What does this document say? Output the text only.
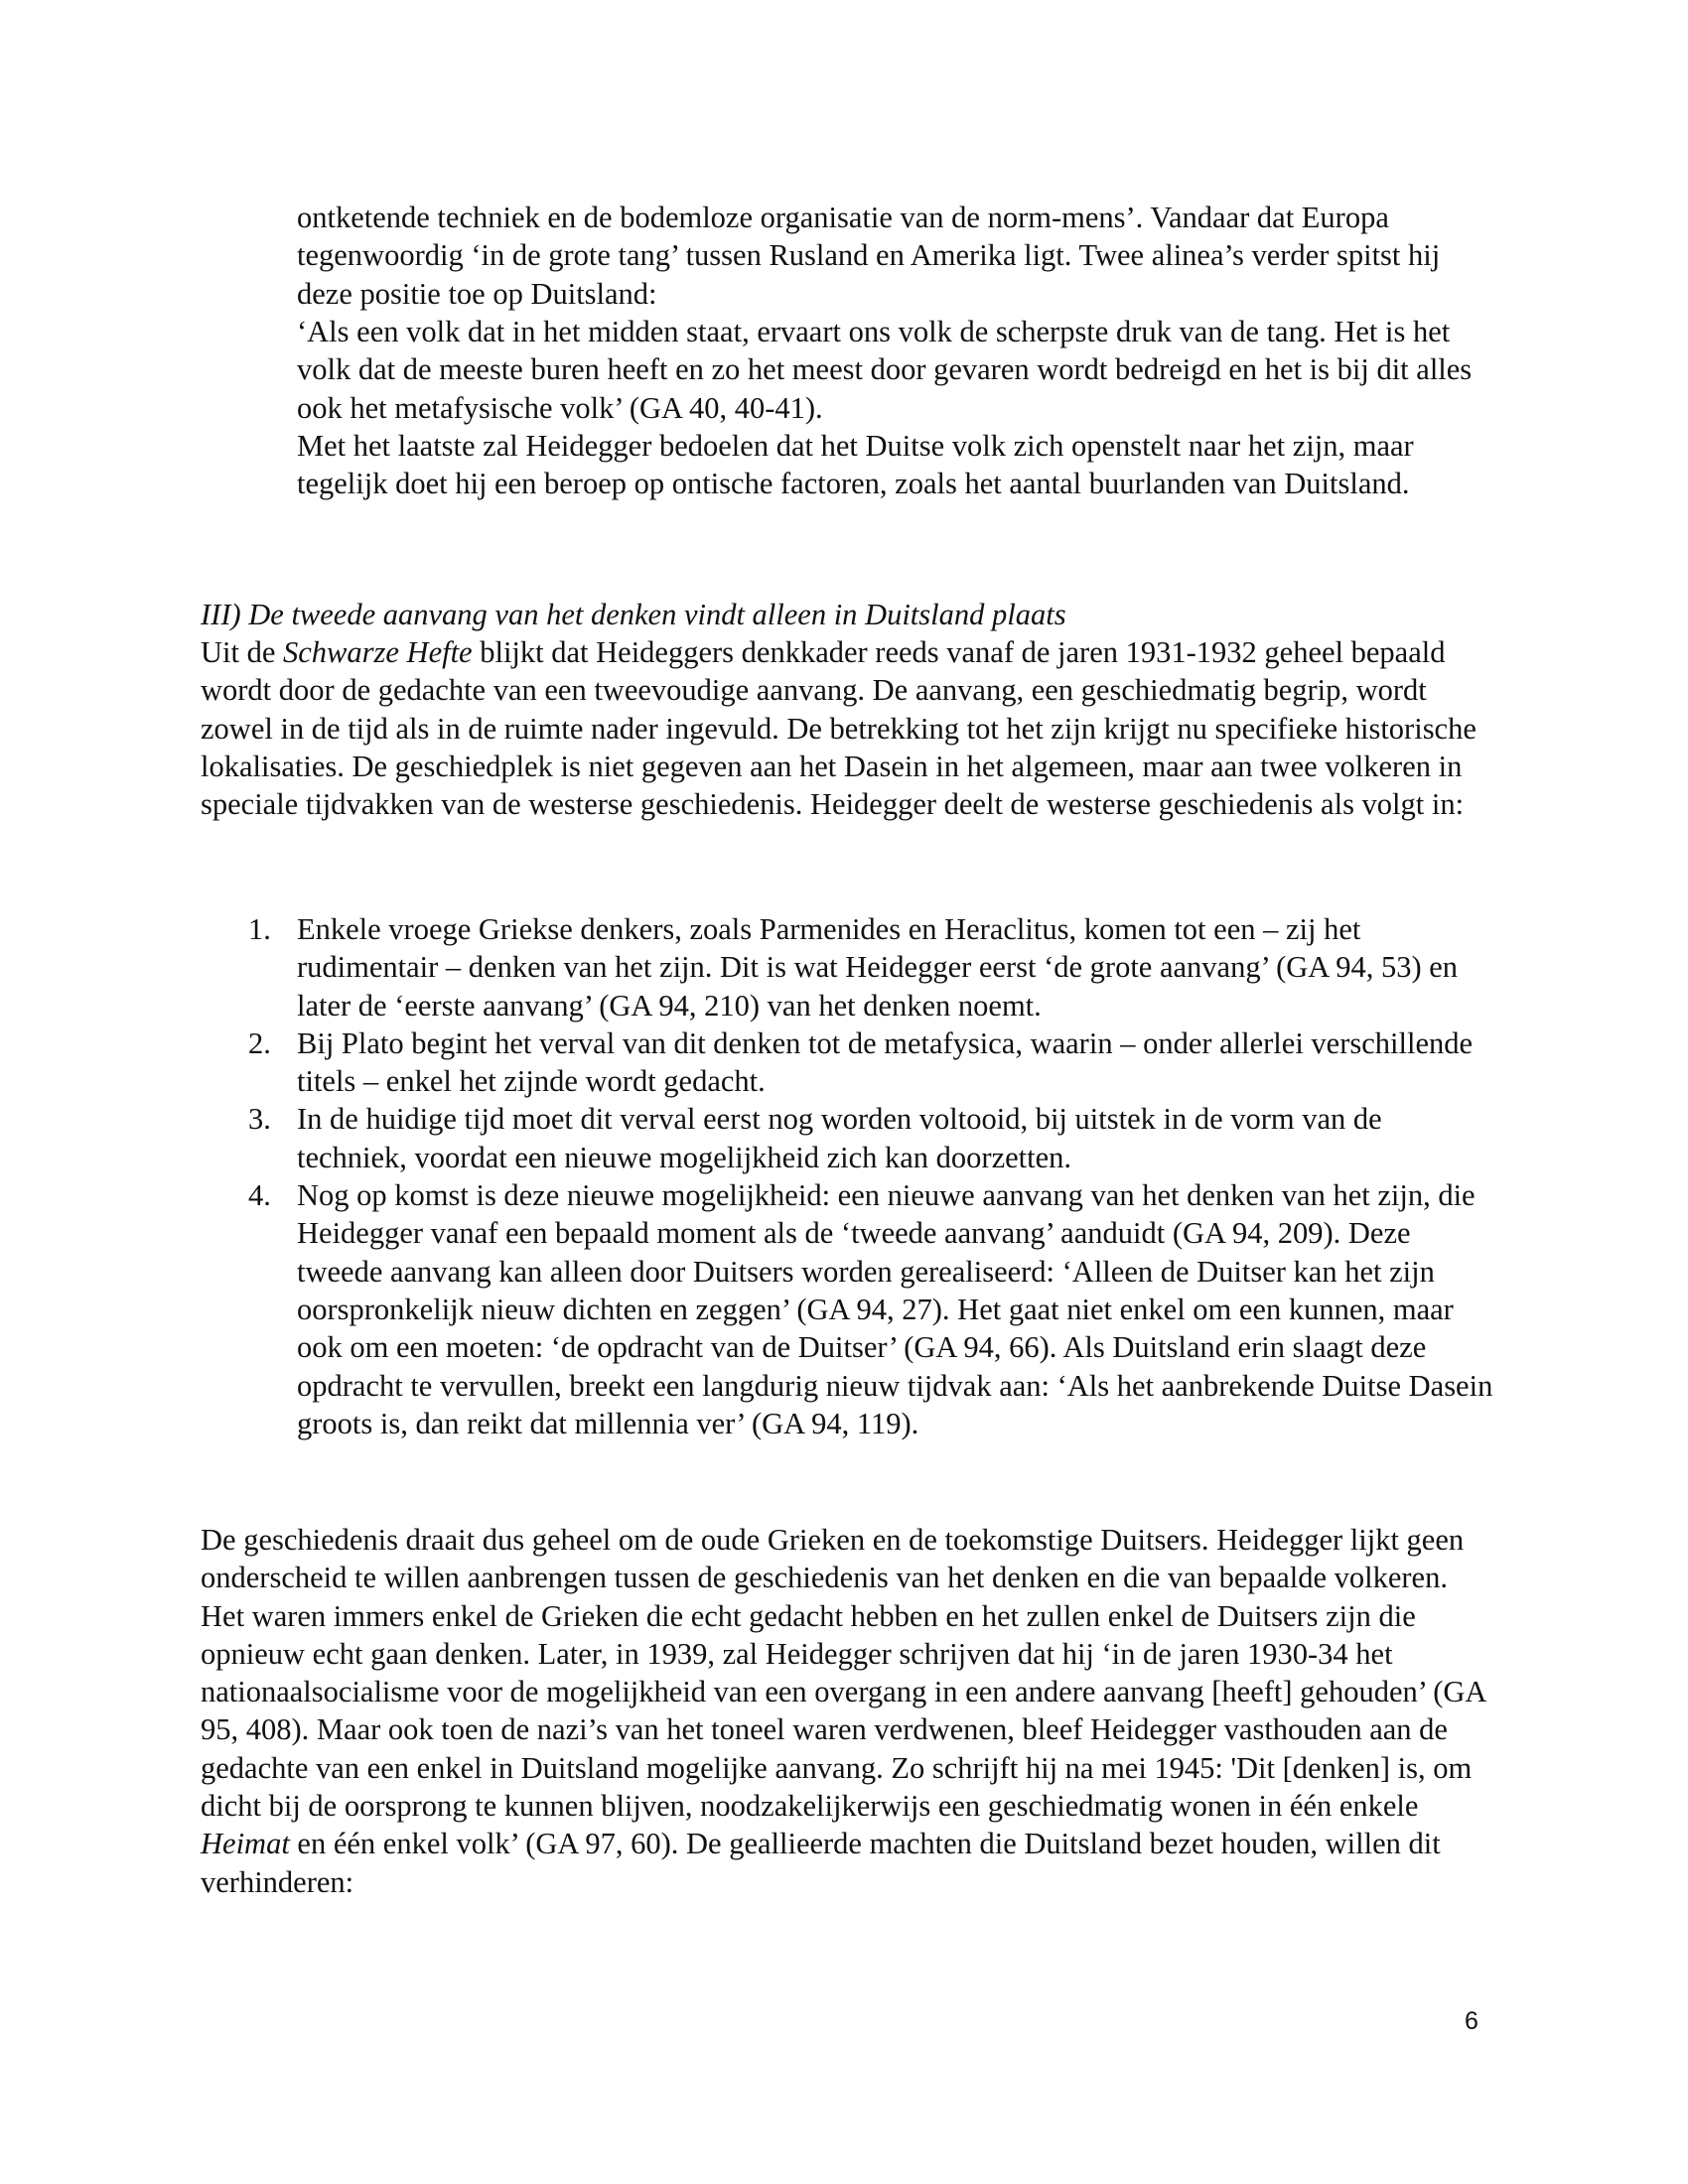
ontketende techniek en de bodemloze organisatie van de norm-mens’. Vandaar dat Europa tegenwoordig ‘in de grote tang’ tussen Rusland en Amerika ligt. Twee alinea’s verder spitst hij deze positie toe op Duitsland:

‘Als een volk dat in het midden staat, ervaart ons volk de scherpste druk van de tang. Het is het volk dat de meeste buren heeft en zo het meest door gevaren wordt bedreigd en het is bij dit alles ook het metafysische volk’ (GA 40, 40-41).

Met het laatste zal Heidegger bedoelen dat het Duitse volk zich openstelt naar het zijn, maar tegelijk doet hij een beroep op ontische factoren, zoals het aantal buurlanden van Duitsland.

III) De tweede aanvang van het denken vindt alleen in Duitsland plaats

Uit de Schwarze Hefte blijkt dat Heideggers denkkader reeds vanaf de jaren 1931-1932 geheel bepaald wordt door de gedachte van een tweevoudige aanvang. De aanvang, een geschiedmatig begrip, wordt zowel in de tijd als in de ruimte nader ingevuld. De betrekking tot het zijn krijgt nu specifieke historische lokalisaties. De geschiedplek is niet gegeven aan het Dasein in het algemeen, maar aan twee volkeren in speciale tijdvakken van de westerse geschiedenis. Heidegger deelt de westerse geschiedenis als volgt in:

1. Enkele vroege Griekse denkers, zoals Parmenides en Heraclitus, komen tot een – zij het rudimentair – denken van het zijn. Dit is wat Heidegger eerst ‘de grote aanvang’ (GA 94, 53) en later de ‘eerste aanvang’ (GA 94, 210) van het denken noemt.
2. Bij Plato begint het verval van dit denken tot de metafysica, waarin – onder allerlei verschillende titels – enkel het zijnde wordt gedacht.
3. In de huidige tijd moet dit verval eerst nog worden voltooid, bij uitstek in de vorm van de techniek, voordat een nieuwe mogelijkheid zich kan doorzetten.
4. Nog op komst is deze nieuwe mogelijkheid: een nieuwe aanvang van het denken van het zijn, die Heidegger vanaf een bepaald moment als de ‘tweede aanvang’ aanduidt (GA 94, 209). Deze tweede aanvang kan alleen door Duitsers worden gerealiseerd: ‘Alleen de Duitser kan het zijn oorspronkelijk nieuw dichten en zeggen’ (GA 94, 27). Het gaat niet enkel om een kunnen, maar ook om een moeten: ‘de opdracht van de Duitser’ (GA 94, 66). Als Duitsland erin slaagt deze opdracht te vervullen, breekt een langdurig nieuw tijdvak aan: ‘Als het aanbrekende Duitse Dasein groots is, dan reikt dat millennia ver’ (GA 94, 119).

De geschiedenis draait dus geheel om de oude Grieken en de toekomstige Duitsers. Heidegger lijkt geen onderscheid te willen aanbrengen tussen de geschiedenis van het denken en die van bepaalde volkeren. Het waren immers enkel de Grieken die echt gedacht hebben en het zullen enkel de Duitsers zijn die opnieuw echt gaan denken. Later, in 1939, zal Heidegger schrijven dat hij ‘in de jaren 1930-34 het nationaalsocialisme voor de mogelijkheid van een overgang in een andere aanvang [heeft] gehouden’ (GA 95, 408). Maar ook toen de nazi’s van het toneel waren verdwenen, bleef Heidegger vasthouden aan de gedachte van een enkel in Duitsland mogelijke aanvang. Zo schrijft hij na mei 1945: 'Dit [denken] is, om dicht bij de oorsprong te kunnen blijven, noodzakelijkerwijs een geschiedmatig wonen in één enkele Heimat en één enkel volk’ (GA 97, 60). De geallieerde machten die Duitsland bezet houden, willen dit verhinderen:

6
